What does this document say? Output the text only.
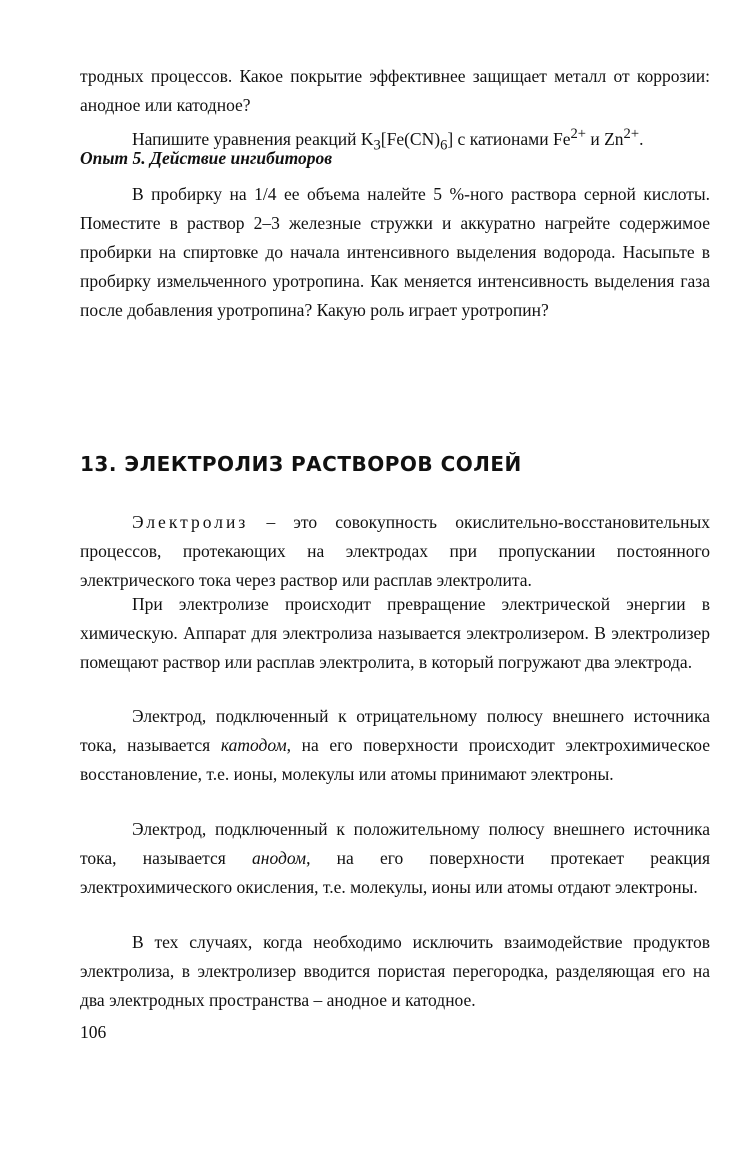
тродных процессов. Какое покрытие эффективнее защищает металл от коррозии: анодное или катодное?

Напишите уравнения реакций $K_3[Fe(CN)_6]$ с катионами $Fe^{2+}$ и $Zn^{2+}$.

Опыт 5. Действие ингибиторов

В пробирку на 1/4 ее объема налейте 5 %-ного раствора серной кислоты. Поместите в раствор 2–3 железные стружки и аккуратно нагрейте содержимое пробирки на спиртовке до начала интенсивного выделения водорода. Насыпьте в пробирку измельченного уротропина. Как меняется интенсивность выделения газа после добавления уротропина? Какую роль играет уротропин?

13. ЭЛЕКТРОЛИЗ РАСТВОРОВ СОЛЕЙ

Электролиз – это совокупность окислительно-восстановительных процессов, протекающих на электродах при пропускании постоянного электрического тока через раствор или расплав электролита.

При электролизе происходит превращение электрической энергии в химическую. Аппарат для электролиза называется электролизером. В электролизер помещают раствор или расплав электролита, в который погружают два электрода.

Электрод, подключенный к отрицательному полюсу внешнего источника тока, называется катодом, на его поверхности происходит электрохимическое восстановление, т.е. ионы, молекулы или атомы принимают электроны.

Электрод, подключенный к положительному полюсу внешнего источника тока, называется анодом, на его поверхности протекает реакция электрохимического окисления, т.е. молекулы, ионы или атомы отдают электроны.

В тех случаях, когда необходимо исключить взаимодействие продуктов электролиза, в электролизер вводится пористая перегородка, разделяющая его на два электродных пространства – анодное и катодное.

106
